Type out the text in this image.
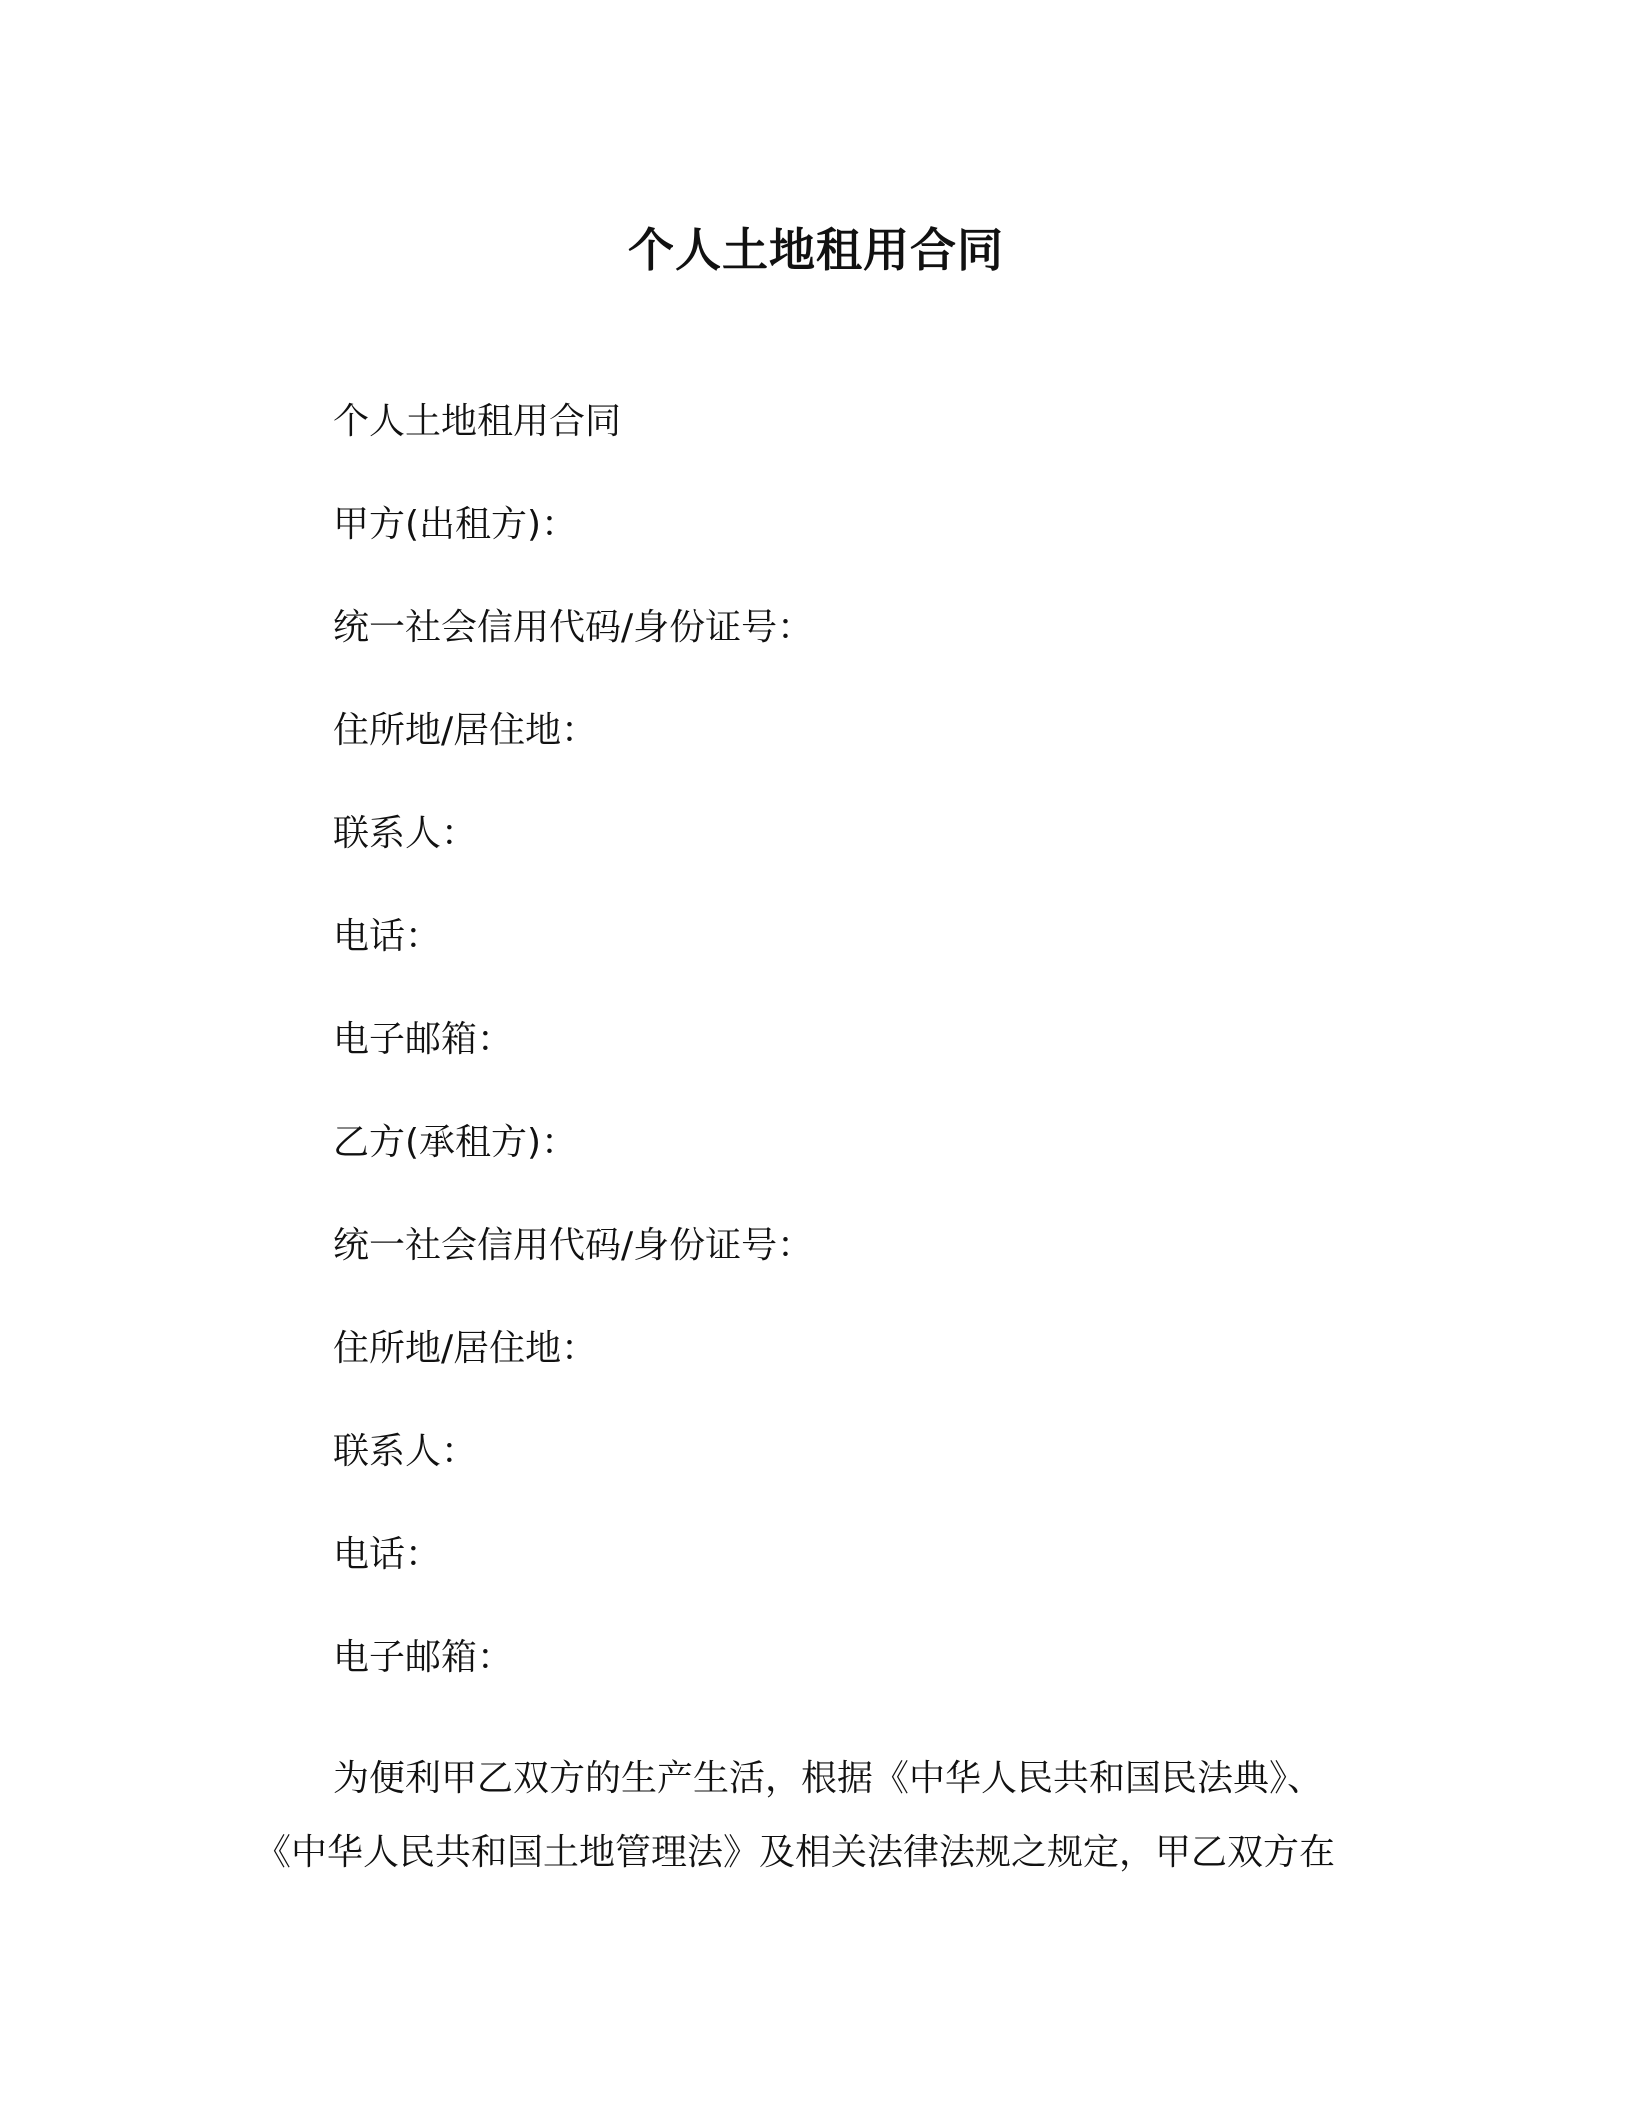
个人土地租用合同
个人土地租用合同
甲方(出租方)：
统一社会信用代码/身份证号：
住所地/居住地：
联系人：
电话：
电子邮箱：
乙方(承租方)：
统一社会信用代码/身份证号：
住所地/居住地：
联系人：
电话：
电子邮箱：
为便利甲乙双方的生产生活，根据《中华人民共和国民法典》、《中华人民共和国土地管理法》及相关法律法规之规定，甲乙双方在
